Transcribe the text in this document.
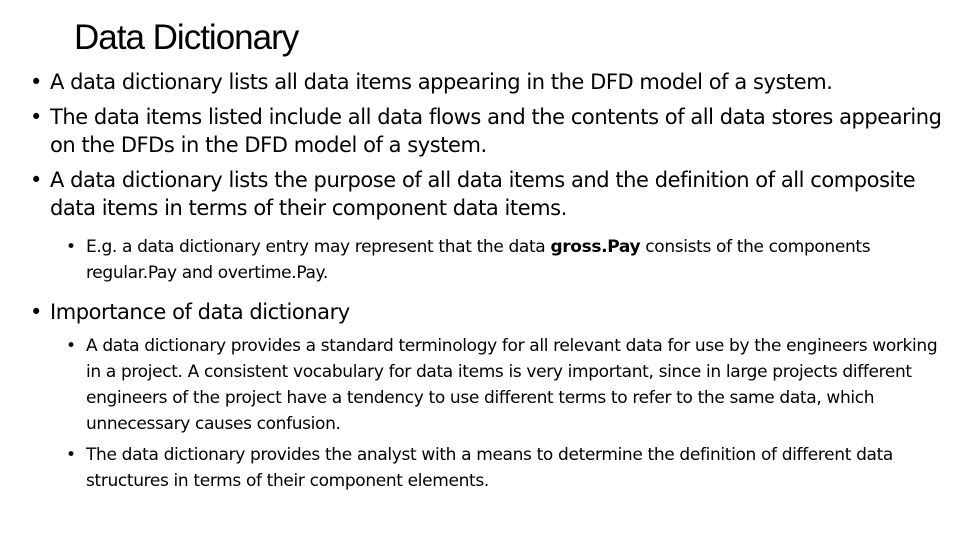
Data Dictionary
• A data dictionary lists all data items appearing in the DFD model of a system.
• The data items listed include all data flows and the contents of all data stores appearing on the DFDs in the DFD model of a system.
• A data dictionary lists the purpose of all data items and the definition of all composite data items in terms of their component data items.
• E.g. a data dictionary entry may represent that the data gross.Pay consists of the components regular.Pay and overtime.Pay.
• Importance of data dictionary
• A data dictionary provides a standard terminology for all relevant data for use by the engineers working in a project. A consistent vocabulary for data items is very important, since in large projects different engineers of the project have a tendency to use different terms to refer to the same data, which unnecessary causes confusion.
• The data dictionary provides the analyst with a means to determine the definition of different data structures in terms of their component elements.
